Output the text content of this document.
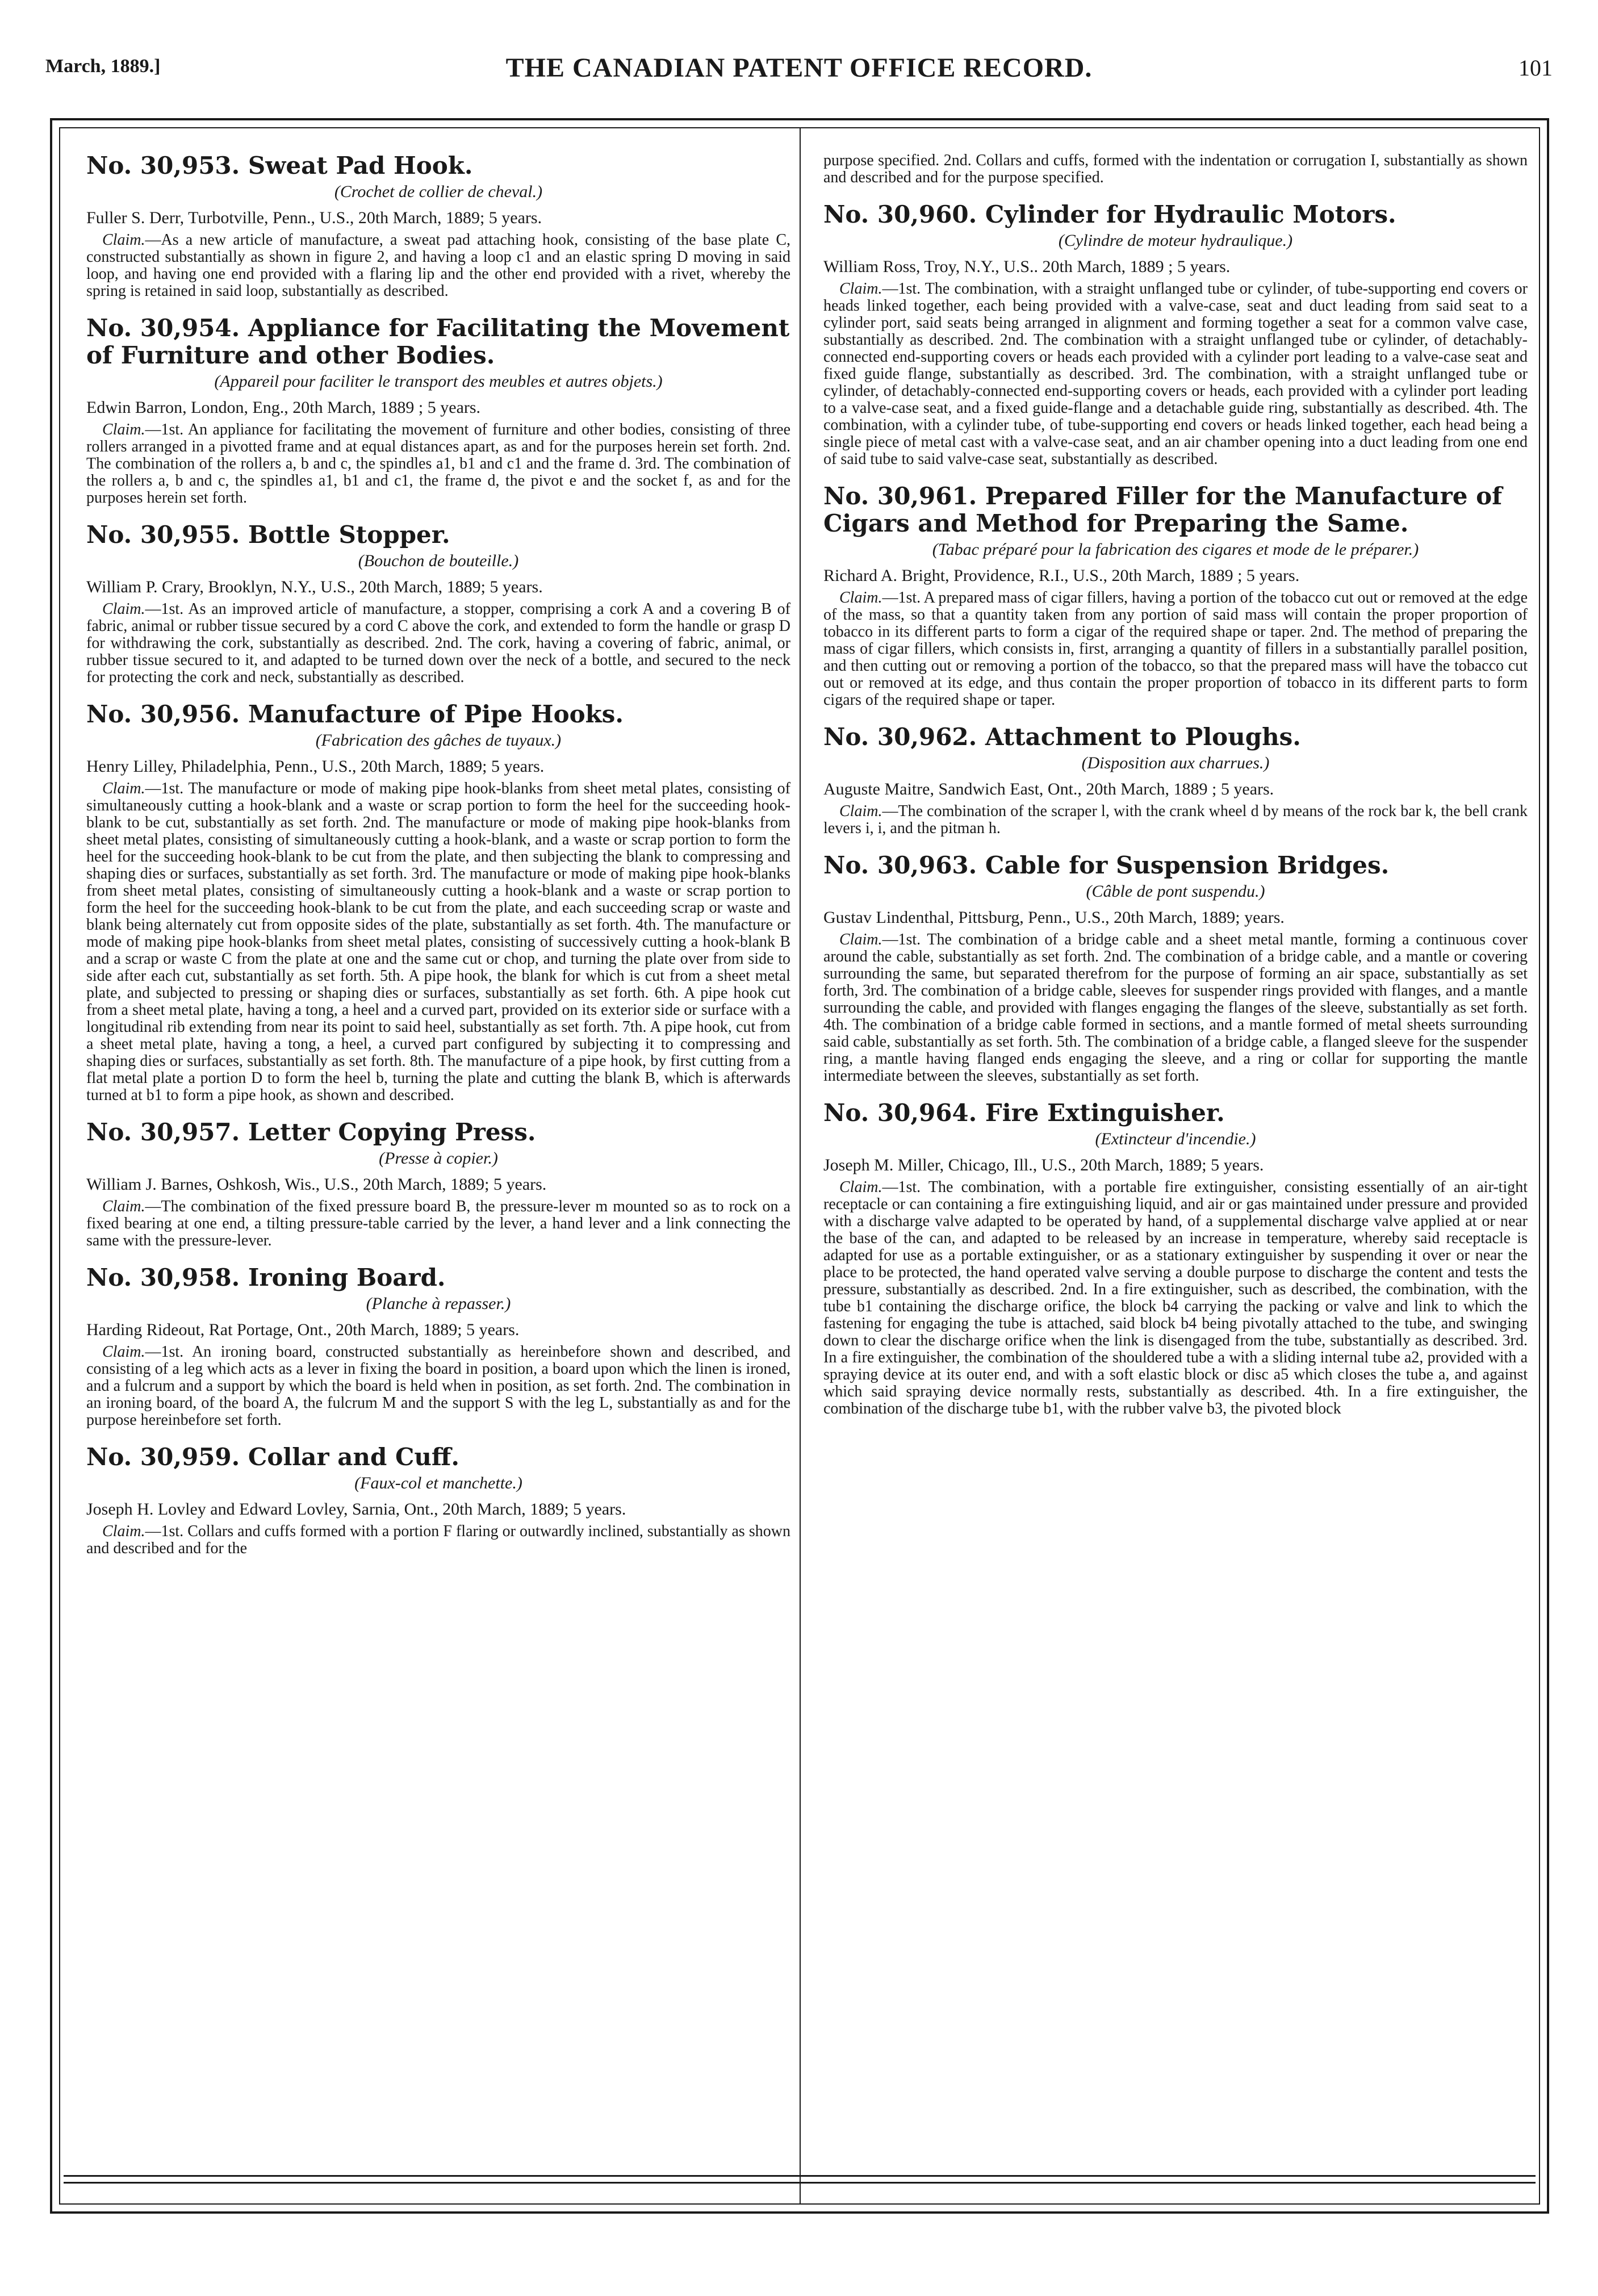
March, 1889.]	THE CANADIAN PATENT OFFICE RECORD.	101
No. 30,953. Sweat Pad Hook.

(Crochet de collier de cheval.)

Fuller S. Derr, Turbotville, Penn., U.S., 20th March, 1889; 5 years.

Claim.—As a new article of manufacture, a sweat pad attaching hook, consisting of the base plate C, constructed substantially as shown in figure 2, and having a loop c1 and an elastic spring D moving in said loop, and having one end provided with a flaring lip and the other end provided with a rivet, whereby the spring is retained in said loop, substantially as described.

No. 30,954. Appliance for Facilitating the Movement of Furniture and other Bodies.

(Appareil pour faciliter le transport des meubles et autres objets.)

Edwin Barron, London, Eng., 20th March, 1889 ; 5 years.

Claim.—1st. An appliance for facilitating the movement of furniture and other bodies, consisting of three rollers arranged in a pivotted frame and at equal distances apart, as and for the purposes herein set forth. 2nd. The combination of the rollers a, b and c, the spindles a1, b1 and c1 and the frame d. 3rd. The combination of the rollers a, b and c, the spindles a1, b1 and c1, the frame d, the pivot e and the socket f, as and for the purposes herein set forth.

No. 30,955. Bottle Stopper.

(Bouchon de bouteille.)

William P. Crary, Brooklyn, N.Y., U.S., 20th March, 1889; 5 years.

Claim.—1st. As an improved article of manufacture, a stopper, comprising a cork A and a covering B of fabric, animal or rubber tissue secured by a cord C above the cork, and extended to form the handle or grasp D for withdrawing the cork, substantially as described. 2nd. The cork, having a covering of fabric, animal, or rubber tissue secured to it, and adapted to be turned down over the neck of a bottle, and secured to the neck for protecting the cork and neck, substantially as described.

No. 30,956. Manufacture of Pipe Hooks.

(Fabrication des gâches de tuyaux.)

Henry Lilley, Philadelphia, Penn., U.S., 20th March, 1889; 5 years.

Claim.—1st. The manufacture or mode of making pipe hook-blanks from sheet metal plates, consisting of simultaneously cutting a hook-blank and a waste or scrap portion to form the heel for the succeeding hook-blank to be cut, substantially as set forth. 2nd. The manufacture or mode of making pipe hook-blanks from sheet metal plates, consisting of simultaneously cutting a hook-blank, and a waste or scrap portion to form the heel for the succeeding hook-blank to be cut from the plate, and then subjecting the blank to compressing and shaping dies or surfaces, substantially as set forth. 3rd. The manufacture or mode of making pipe hook-blanks from sheet metal plates, consisting of simultaneously cutting a hook-blank and a waste or scrap portion to form the heel for the succeeding hook-blank to be cut from the plate, and each succeeding scrap or waste and blank being alternately cut from opposite sides of the plate, substantially as set forth. 4th. The manufacture or mode of making pipe hook-blanks from sheet metal plates, consisting of successively cutting a hook-blank B and a scrap or waste C from the plate at one and the same cut or chop, and turning the plate over from side to side after each cut, substantially as set forth. 5th. A pipe hook, the blank for which is cut from a sheet metal plate, and subjected to pressing or shaping dies or surfaces, substantially as set forth. 6th. A pipe hook cut from a sheet metal plate, having a tong, a heel and a curved part, provided on its exterior side or surface with a longitudinal rib extending from near its point to said heel, substantially as set forth. 7th. A pipe hook, cut from a sheet metal plate, having a tong, a heel, a curved part configured by subjecting it to compressing and shaping dies or surfaces, substantially as set forth. 8th. The manufacture of a pipe hook, by first cutting from a flat metal plate a portion D to form the heel b, turning the plate and cutting the blank B, which is afterwards turned at b1 to form a pipe hook, as shown and described.

No. 30,957. Letter Copying Press.

(Presse à copier.)

William J. Barnes, Oshkosh, Wis., U.S., 20th March, 1889; 5 years.

Claim.—The combination of the fixed pressure board B, the pressure-lever m mounted so as to rock on a fixed bearing at one end, a tilting pressure-table carried by the lever, a hand lever and a link connecting the same with the pressure-lever.

No. 30,958. Ironing Board.

(Planche à repasser.)

Harding Rideout, Rat Portage, Ont., 20th March, 1889; 5 years.

Claim.—1st. An ironing board, constructed substantially as hereinbefore shown and described, and consisting of a leg which acts as a lever in fixing the board in position, a board upon which the linen is ironed, and a fulcrum and a support by which the board is held when in position, as set forth. 2nd. The combination in an ironing board, of the board A, the fulcrum M and the support S with the leg L, substantially as and for the purpose hereinbefore set forth.

No. 30,959. Collar and Cuff.

(Faux-col et manchette.)

Joseph H. Lovley and Edward Lovley, Sarnia, Ont., 20th March, 1889; 5 years.

Claim.—1st. Collars and cuffs formed with a portion F flaring or outwardly inclined, substantially as shown and described and for the

purpose specified. 2nd. Collars and cuffs, formed with the indentation or corrugation I, substantially as shown and described and for the purpose specified.

No. 30,960. Cylinder for Hydraulic Motors.

(Cylindre de moteur hydraulique.)

William Ross, Troy, N.Y., U.S.. 20th March, 1889 ; 5 years.

Claim.—1st. The combination, with a straight unflanged tube or cylinder, of tube-supporting end covers or heads linked together, each being provided with a valve-case, seat and duct leading from said seat to a cylinder port, said seats being arranged in alignment and forming together a seat for a common valve case, substantially as described. 2nd. The combination with a straight unflanged tube or cylinder, of detachably-connected end-supporting covers or heads each provided with a cylinder port leading to a valve-case seat and fixed guide flange, substantially as described. 3rd. The combination, with a straight unflanged tube or cylinder, of detachably-connected end-supporting covers or heads, each provided with a cylinder port leading to a valve-case seat, and a fixed guide-flange and a detachable guide ring, substantially as described. 4th. The combination, with a cylinder tube, of tube-supporting end covers or heads linked together, each head being a single piece of metal cast with a valve-case seat, and an air chamber opening into a duct leading from one end of said tube to said valve-case seat, substantially as described.

No. 30,961. Prepared Filler for the Manufacture of Cigars and Method for Preparing the Same.

(Tabac préparé pour la fabrication des cigares et mode de le préparer.)

Richard A. Bright, Providence, R.I., U.S., 20th March, 1889 ; 5 years.

Claim.—1st. A prepared mass of cigar fillers, having a portion of the tobacco cut out or removed at the edge of the mass, so that a quantity taken from any portion of said mass will contain the proper proportion of tobacco in its different parts to form a cigar of the required shape or taper. 2nd. The method of preparing the mass of cigar fillers, which consists in, first, arranging a quantity of fillers in a substantially parallel position, and then cutting out or removing a portion of the tobacco, so that the prepared mass will have the tobacco cut out or removed at its edge, and thus contain the proper proportion of tobacco in its different parts to form cigars of the required shape or taper.

No. 30,962. Attachment to Ploughs.

(Disposition aux charrues.)

Auguste Maitre, Sandwich East, Ont., 20th March, 1889 ; 5 years.

Claim.—The combination of the scraper l, with the crank wheel d by means of the rock bar k, the bell crank levers i, i, and the pitman h.

No. 30,963. Cable for Suspension Bridges.

(Câble de pont suspendu.)

Gustav Lindenthal, Pittsburg, Penn., U.S., 20th March, 1889; years.

Claim.—1st. The combination of a bridge cable and a sheet metal mantle, forming a continuous cover around the cable, substantially as set forth. 2nd. The combination of a bridge cable, and a mantle or covering surrounding the same, but separated therefrom for the purpose of forming an air space, substantially as set forth, 3rd. The combination of a bridge cable, sleeves for suspender rings provided with flanges, and a mantle surrounding the cable, and provided with flanges engaging the flanges of the sleeve, substantially as set forth. 4th. The combination of a bridge cable formed in sections, and a mantle formed of metal sheets surrounding said cable, substantially as set forth. 5th. The combination of a bridge cable, a flanged sleeve for the suspender ring, a mantle having flanged ends engaging the sleeve, and a ring or collar for supporting the mantle intermediate between the sleeves, substantially as set forth.

No. 30,964. Fire Extinguisher.

(Extincteur d'incendie.)

Joseph M. Miller, Chicago, Ill., U.S., 20th March, 1889; 5 years.

Claim.—1st. The combination, with a portable fire extinguisher, consisting essentially of an air-tight receptacle or can containing a fire extinguishing liquid, and air or gas maintained under pressure and provided with a discharge valve adapted to be operated by hand, of a supplemental discharge valve applied at or near the base of the can, and adapted to be released by an increase in temperature, whereby said receptacle is adapted for use as a portable extinguisher, or as a stationary extinguisher by suspending it over or near the place to be protected, the hand operated valve serving a double purpose to discharge the content and tests the pressure, substantially as described. 2nd. In a fire extinguisher, such as described, the combination, with the tube b1 containing the discharge orifice, the block b4 carrying the packing or valve and link to which the fastening for engaging the tube is attached, said block b4 being pivotally attached to the tube, and swinging down to clear the discharge orifice when the link is disengaged from the tube, substantially as described. 3rd. In a fire extinguisher, the combination of the shouldered tube a with a sliding internal tube a2, provided with a spraying device at its outer end, and with a soft elastic block or disc a5 which closes the tube a, and against which said spraying device normally rests, substantially as described. 4th. In a fire extinguisher, the combination of the discharge tube b1, with the rubber valve b3, the pivoted block
